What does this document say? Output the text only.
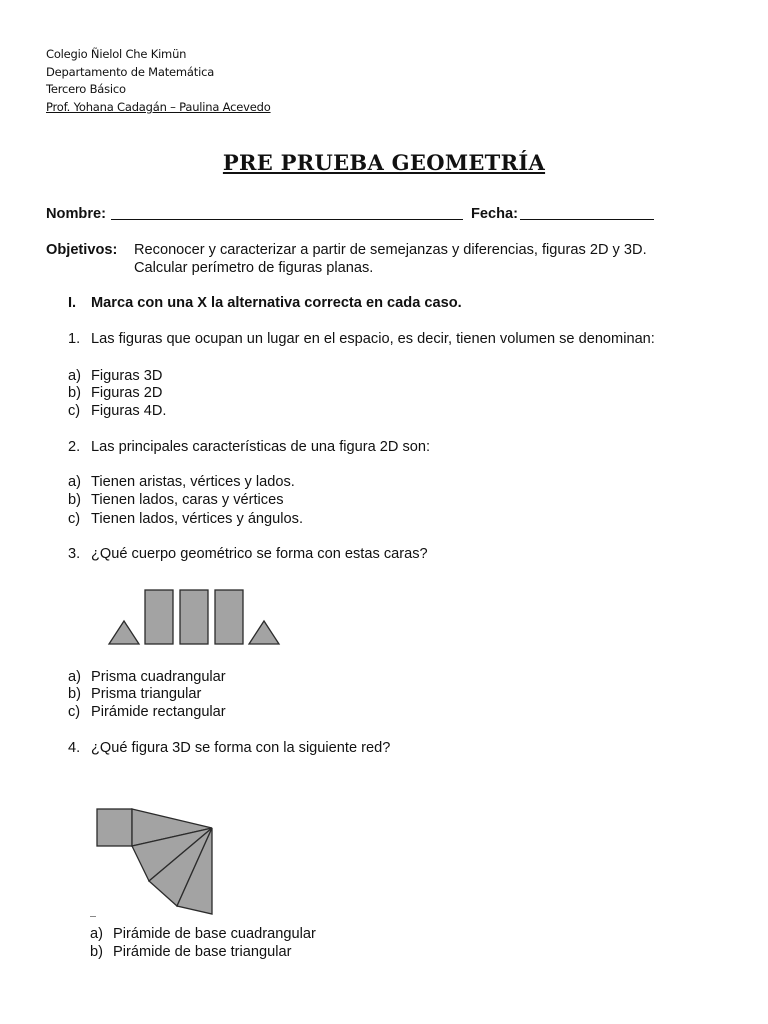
Colegio Ñielol Che Kimün
Departamento de Matemática
Tercero Básico
Prof. Yohana Cadagán – Paulina Acevedo
PRE PRUEBA GEOMETRÍA
Nombre:	Fecha:
Objetivos: Reconocer y caracterizar a partir de semejanzas y diferencias, figuras 2D y 3D.
Calcular perímetro de figuras planas.
I. Marca con una X la alternativa correcta en cada caso.
1. Las figuras que ocupan un lugar en el espacio, es decir, tienen volumen se denominan:
a) Figuras 3D
b) Figuras 2D
c) Figuras 4D.
2. Las principales características de una figura 2D son:
a) Tienen aristas, vértices y lados.
b) Tienen lados, caras y vértices
c) Tienen lados, vértices y ángulos.
3. ¿Qué cuerpo geométrico se forma con estas caras?
a) Prisma cuadrangular
b) Prisma triangular
c) Pirámide rectangular
4. ¿Qué figura 3D se forma con la siguiente red?
a) Pirámide de base cuadrangular
b) Pirámide de base triangular
